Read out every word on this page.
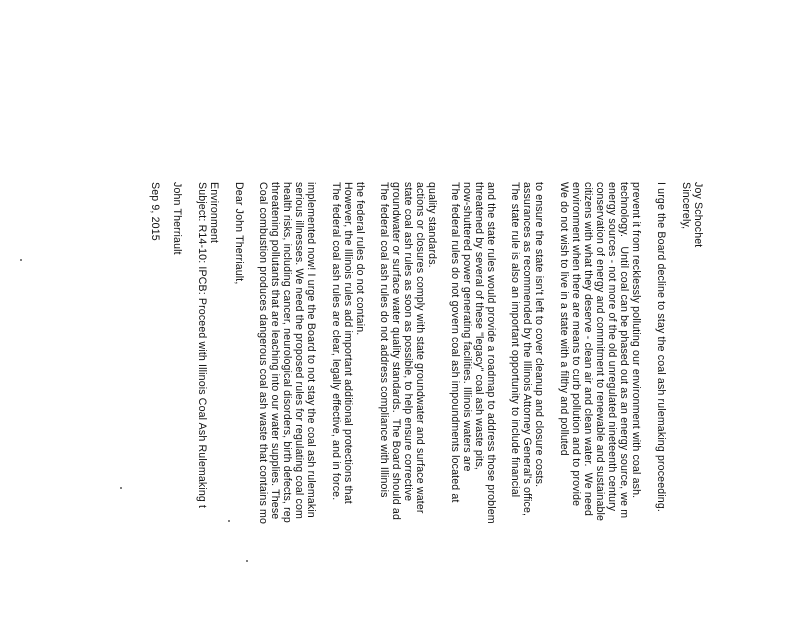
Sep 9, 2015 John Therriault Subject: R14-10: IPCB: Proceed with Illinois Coal Ash Rulemaking t Environment Dear John Therriault, Coal combustion produces dangerous coal ash waste that contains mo threatening pollutants that are leaching into our water supplies. These health risks, including cancer, neurological disorders, birth defects, rep serious illnesses. We need the proposed rules for regulating coal com implemented now! I urge the Board to not stay the coal ash rulemakin The federal coal ash rules are clear, legally effective, and in force. However, the Illinois rules add important additional protections that the federal rules do not contain. The federal coal ash rules do not address compliance with Illinois groundwater or surface water quality standards.  The Board should ad state coal ash rules as soon as possible, to help ensure corrective actions or closures comply with state groundwater and surface water quality standards. The federal rules do not govern coal ash impoundments located at now-shuttered power generating facilities. Illinois waters are threatened by several of these "legacy" coal ash waste pits, and the state rules would provide a roadmap to address those problem The state rule is also an important opportunity to include financial assurances as recommended by the Illinois Attorney General's office, to ensure the state isn't left to cover cleanup and closure costs. We do not wish to live in a state with a filthy and polluted environment when there are means to curb pollution and to provide citizens with what they deserve - clean air and clean water.  We need conservation of energy and commitment to renewable and sustainable energy sources - not more of the old unregulated nineteenth century technology.   Until coal can be phased out as an energy source, we m prevent it from recklessly polluting our environment with coal ash. I urge the Board decline to stay the coal ash rulemaking proceeding. Sincerely, Joy Schochet
